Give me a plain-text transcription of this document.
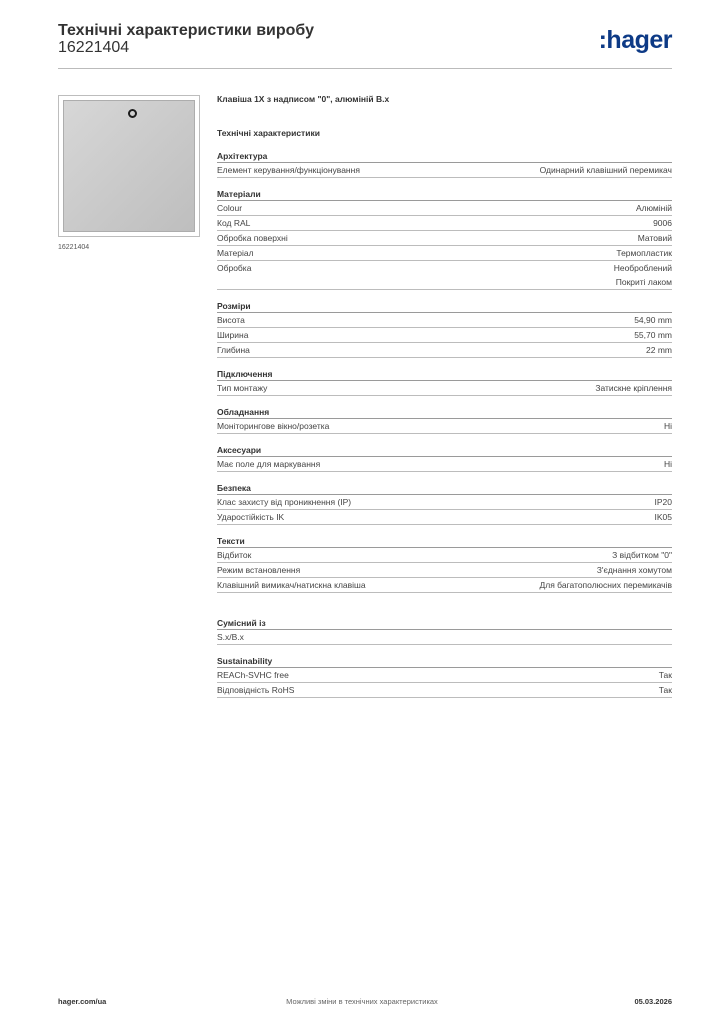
Технічні характеристики виробу
16221404	:hager
16221404
Клавіша 1X з надписом "0", алюміній B.x
Технічні характеристики
Архітектура
Елемент керування/функціонування	Одинарний клавішний перемикач
Матеріали
Colour	Алюміній
Код RAL	9006
Обробка поверхні	Матовий
Матеріал	Термопластик
Обробка	Необроблений
Покриті лаком
Розміри
Висота	54,90 mm
Ширина	55,70 mm
Глибина	22 mm
Підключення
Тип монтажу	Затискне кріплення
Обладнання
Моніторингове вікно/розетка	Ні
Аксесуари
Має поле для маркування	Ні
Безпека
Клас захисту від проникнення (IP)	IP20
Ударостійкість IK	IK05
Тексти
Відбиток	З відбитком "0"
Режим встановлення	З'єднання хомутом
Клавішний вимикач/натискна клавіша	Для багатополюсних перемикачів
Сумісний із
S.x/B.x
Sustainability
REACh-SVHC free	Так
Відповідність RoHS	Так
hager.com/ua	Можливі зміни в технічних характеристиках	05.03.2026
